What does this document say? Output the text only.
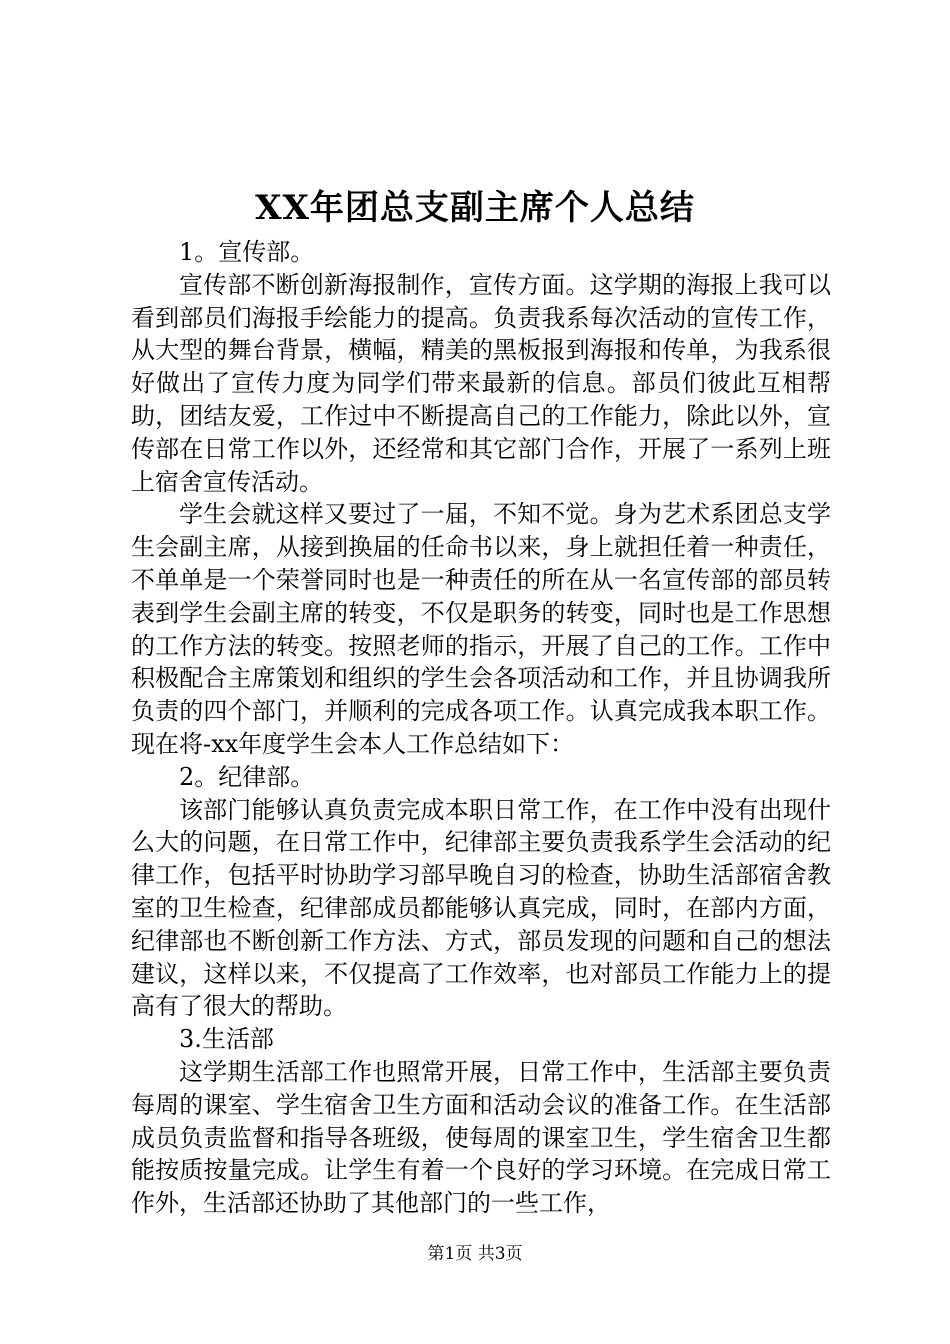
XX年团总支副主席个人总结

1。宣传部。

宣传部不断创新海报制作，宣传方面。这学期的海报上我可以看到部员们海报手绘能力的提高。负责我系每次活动的宣传工作，从大型的舞台背景，横幅，精美的黑板报到海报和传单，为我系很好做出了宣传力度为同学们带来最新的信息。部员们彼此互相帮助，团结友爱，工作过中不断提高自己的工作能力，除此以外，宣传部在日常工作以外，还经常和其它部门合作，开展了一系列上班上宿舍宣传活动。

学生会就这样又要过了一届，不知不觉。身为艺术系团总支学生会副主席，从接到换届的任命书以来，身上就担任着一种责任，不单单是一个荣誉同时也是一种责任的所在从一名宣传部的部员转表到学生会副主席的转变，不仅是职务的转变，同时也是工作思想的工作方法的转变。按照老师的指示，开展了自己的工作。工作中积极配合主席策划和组织的学生会各项活动和工作，并且协调我所负责的四个部门，并顺利的完成各项工作。认真完成我本职工作。现在将-xx年度学生会本人工作总结如下：

2。纪律部。

该部门能够认真负责完成本职日常工作，在工作中没有出现什么大的问题，在日常工作中，纪律部主要负责我系学生会活动的纪律工作，包括平时协助学习部早晚自习的检查，协助生活部宿舍教室的卫生检查，纪律部成员都能够认真完成，同时，在部内方面，纪律部也不断创新工作方法、方式，部员发现的问题和自己的想法建议，这样以来，不仅提高了工作效率，也对部员工作能力上的提高有了很大的帮助。

3.生活部

这学期生活部工作也照常开展，日常工作中，生活部主要负责每周的课室、学生宿舍卫生方面和活动会议的准备工作。在生活部成员负责监督和指导各班级，使每周的课室卫生，学生宿舍卫生都能按质按量完成。让学生有着一个良好的学习环境。在完成日常工作外，生活部还协助了其他部门的一些工作，

第1页 共3页
